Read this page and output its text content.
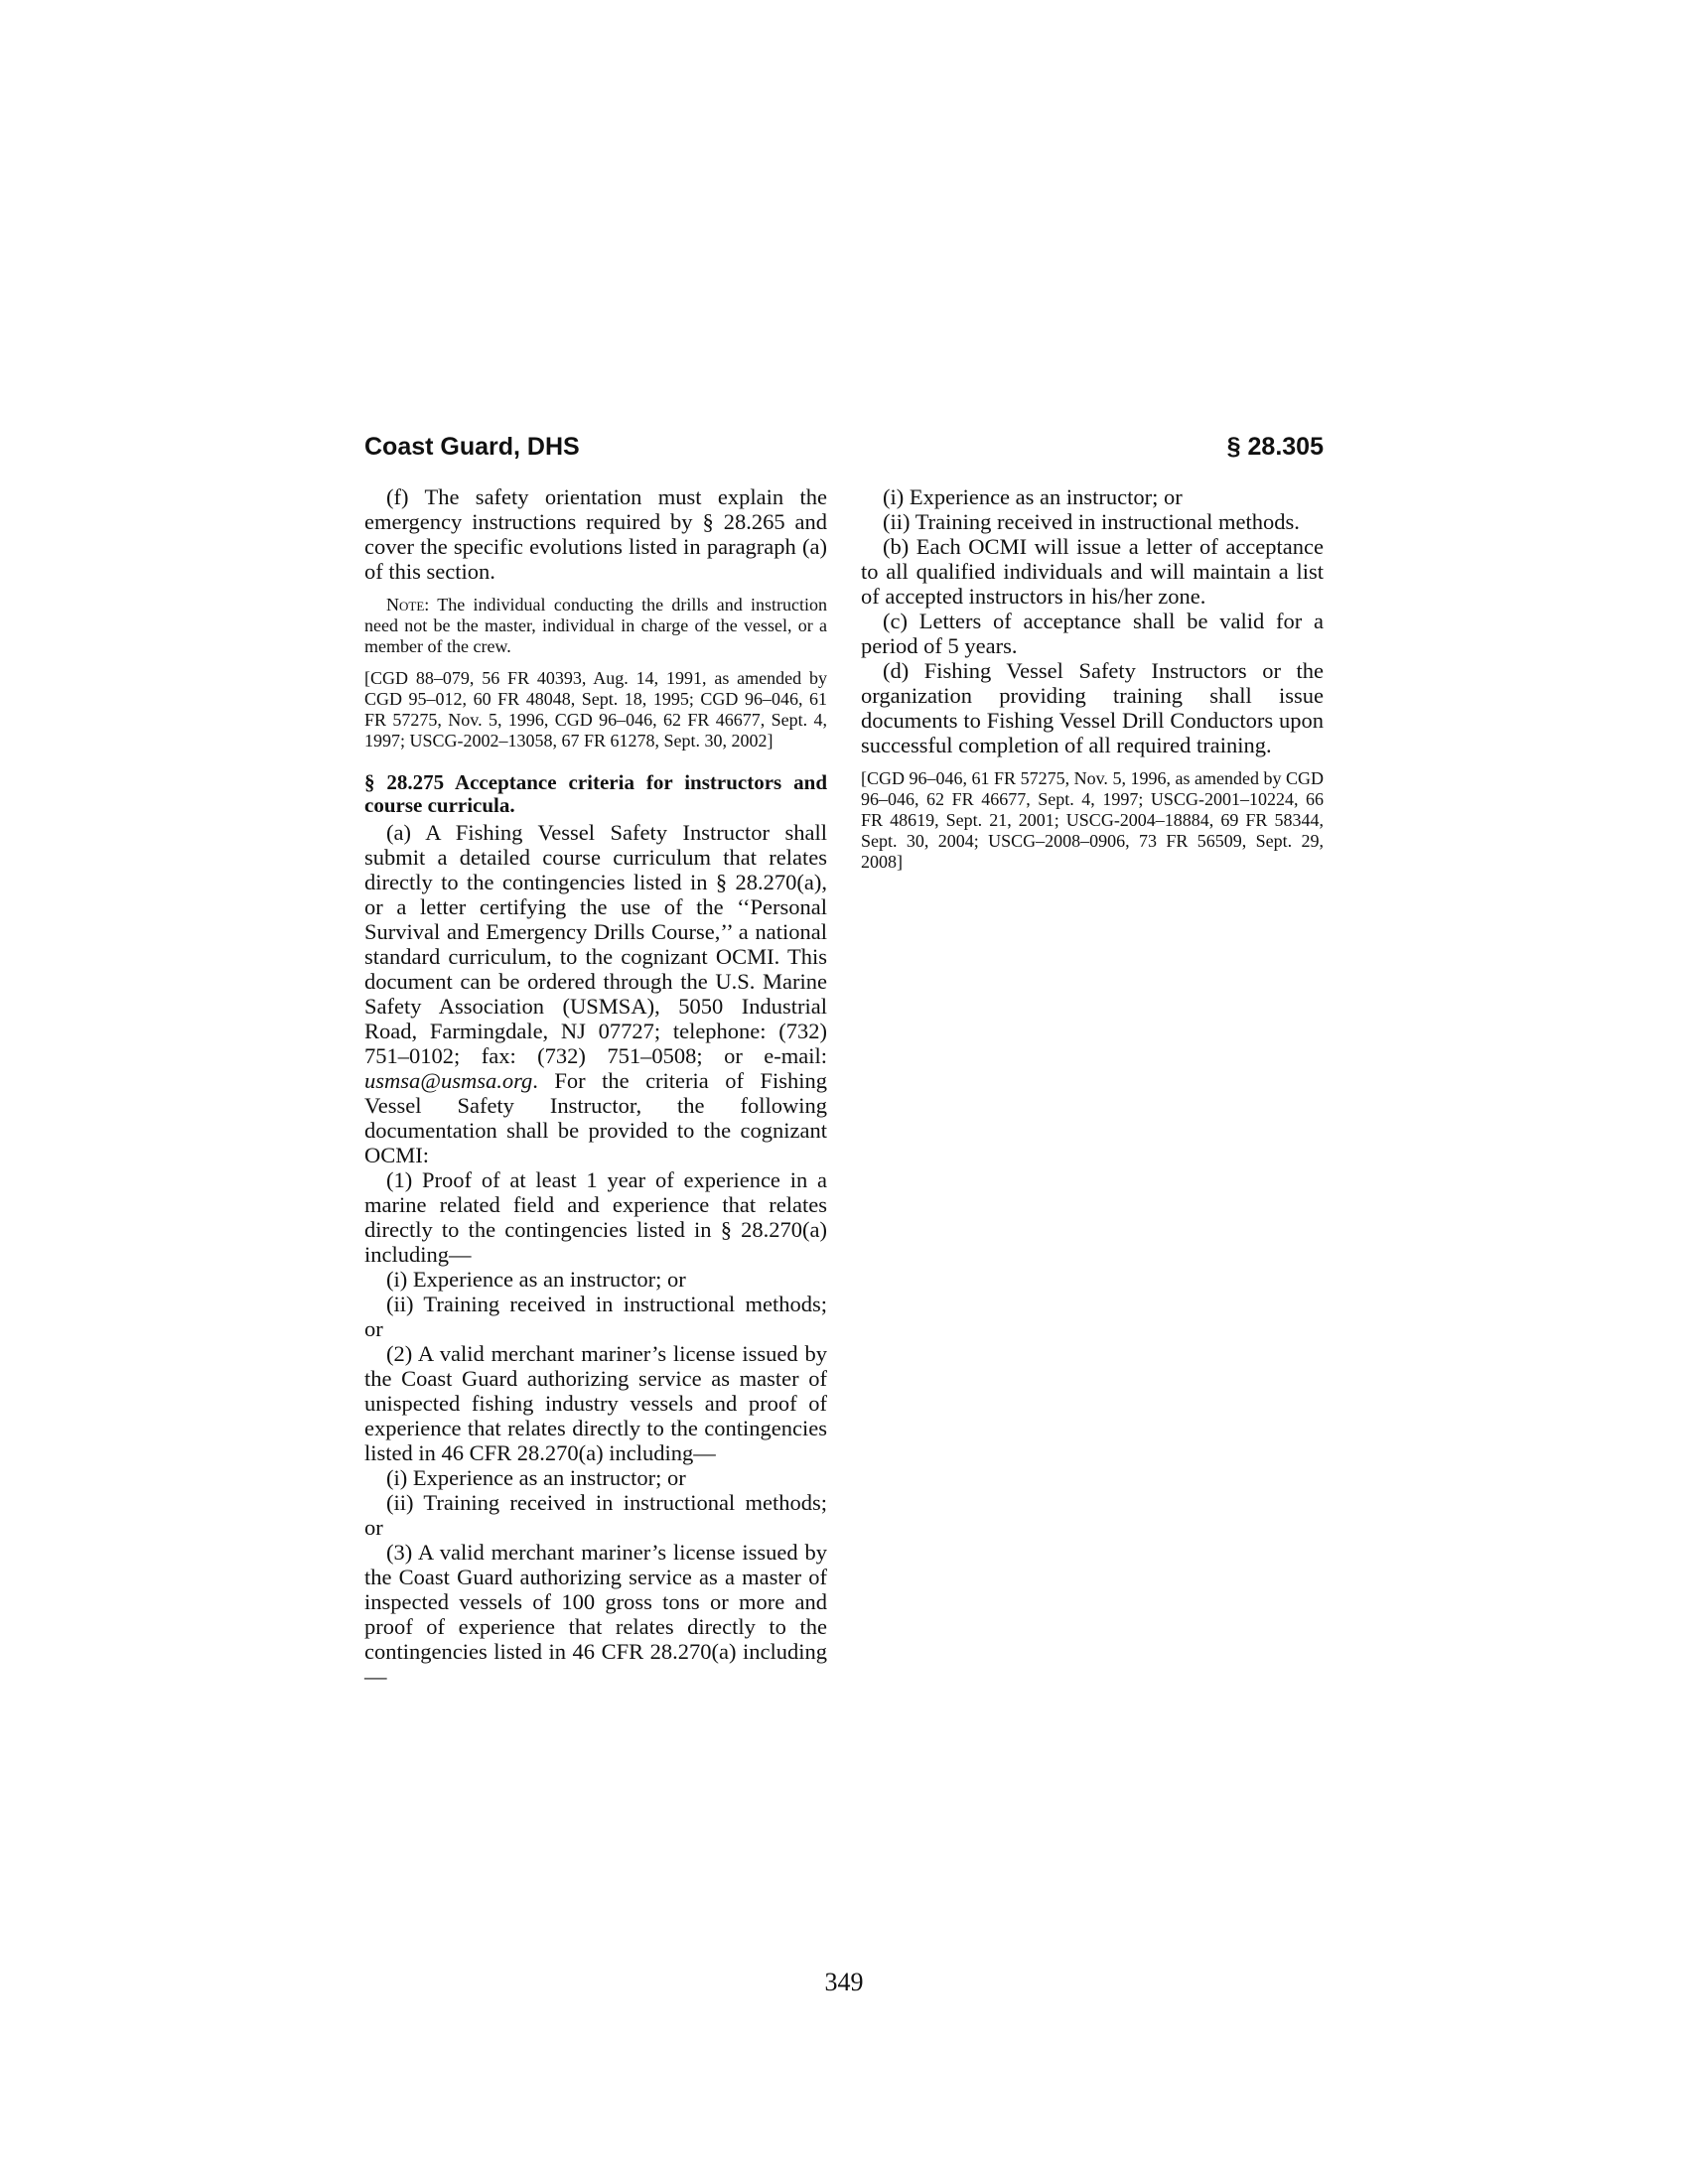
Coast Guard, DHS	§ 28.305

(f) The safety orientation must explain the emergency instructions required by § 28.265 and cover the specific evolutions listed in paragraph (a) of this section.

Note: The individual conducting the drills and instruction need not be the master, individual in charge of the vessel, or a member of the crew.

[CGD 88–079, 56 FR 40393, Aug. 14, 1991, as amended by CGD 95–012, 60 FR 48048, Sept. 18, 1995; CGD 96–046, 61 FR 57275, Nov. 5, 1996, CGD 96–046, 62 FR 46677, Sept. 4, 1997; USCG-2002–13058, 67 FR 61278, Sept. 30, 2002]

§ 28.275 Acceptance criteria for instructors and course curricula.

(a) A Fishing Vessel Safety Instructor shall submit a detailed course curriculum that relates directly to the contingencies listed in § 28.270(a), or a letter certifying the use of the ‘‘Personal Survival and Emergency Drills Course,’’ a national standard curriculum, to the cognizant OCMI. This document can be ordered through the U.S. Marine Safety Association (USMSA), 5050 Industrial Road, Farmingdale, NJ 07727; telephone: (732) 751–0102; fax: (732) 751–0508; or e-mail: usmsa@usmsa.org. For the criteria of Fishing Vessel Safety Instructor, the following documentation shall be provided to the cognizant OCMI:

(1) Proof of at least 1 year of experience in a marine related field and experience that relates directly to the contingencies listed in § 28.270(a) including—

(i) Experience as an instructor; or

(ii) Training received in instructional methods; or

(2) A valid merchant mariner’s license issued by the Coast Guard authorizing service as master of unispected fishing industry vessels and proof of experience that relates directly to the contingencies listed in 46 CFR 28.270(a) including—

(i) Experience as an instructor; or

(ii) Training received in instructional methods; or

(3) A valid merchant mariner’s license issued by the Coast Guard authorizing service as a master of inspected vessels of 100 gross tons or more and proof of experience that relates directly to the contingencies listed in 46 CFR 28.270(a) including—

(i) Experience as an instructor; or

(ii) Training received in instructional methods.

(b) Each OCMI will issue a letter of acceptance to all qualified individuals and will maintain a list of accepted instructors in his/her zone.

(c) Letters of acceptance shall be valid for a period of 5 years.

(d) Fishing Vessel Safety Instructors or the organization providing training shall issue documents to Fishing Vessel Drill Conductors upon successful completion of all required training.

[CGD 96–046, 61 FR 57275, Nov. 5, 1996, as amended by CGD 96–046, 62 FR 46677, Sept. 4, 1997; USCG-2001–10224, 66 FR 48619, Sept. 21, 2001; USCG-2004–18884, 69 FR 58344, Sept. 30, 2004; USCG–2008–0906, 73 FR 56509, Sept. 29, 2008]

349
